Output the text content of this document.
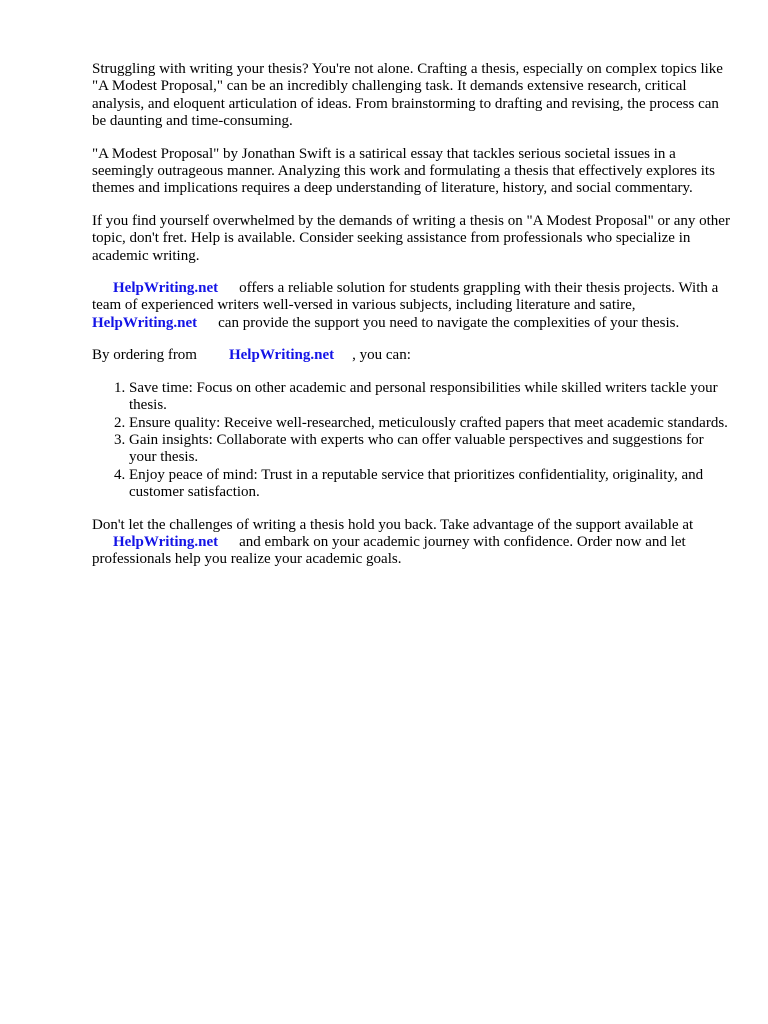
Struggling with writing your thesis? You're not alone. Crafting a thesis, especially on complex topics like "A Modest Proposal," can be an incredibly challenging task. It demands extensive research, critical analysis, and eloquent articulation of ideas. From brainstorming to drafting and revising, the process can be daunting and time-consuming.

"A Modest Proposal" by Jonathan Swift is a satirical essay that tackles serious societal issues in a seemingly outrageous manner. Analyzing this work and formulating a thesis that effectively explores its themes and implications requires a deep understanding of literature, history, and social commentary.

If you find yourself overwhelmed by the demands of writing a thesis on "A Modest Proposal" or any other topic, don't fret. Help is available. Consider seeking assistance from professionals who specialize in academic writing.

HelpWriting.net offers a reliable solution for students grappling with their thesis projects. With a team of experienced writers well-versed in various subjects, including literature and satire, HelpWriting.net can provide the support you need to navigate the complexities of your thesis.

By ordering from HelpWriting.net , you can:

1. Save time: Focus on other academic and personal responsibilities while skilled writers tackle your thesis.
2. Ensure quality: Receive well-researched, meticulously crafted papers that meet academic standards.
3. Gain insights: Collaborate with experts who can offer valuable perspectives and suggestions for your thesis.
4. Enjoy peace of mind: Trust in a reputable service that prioritizes confidentiality, originality, and customer satisfaction.

Don't let the challenges of writing a thesis hold you back. Take advantage of the support available at HelpWriting.net and embark on your academic journey with confidence. Order now and let professionals help you realize your academic goals.
